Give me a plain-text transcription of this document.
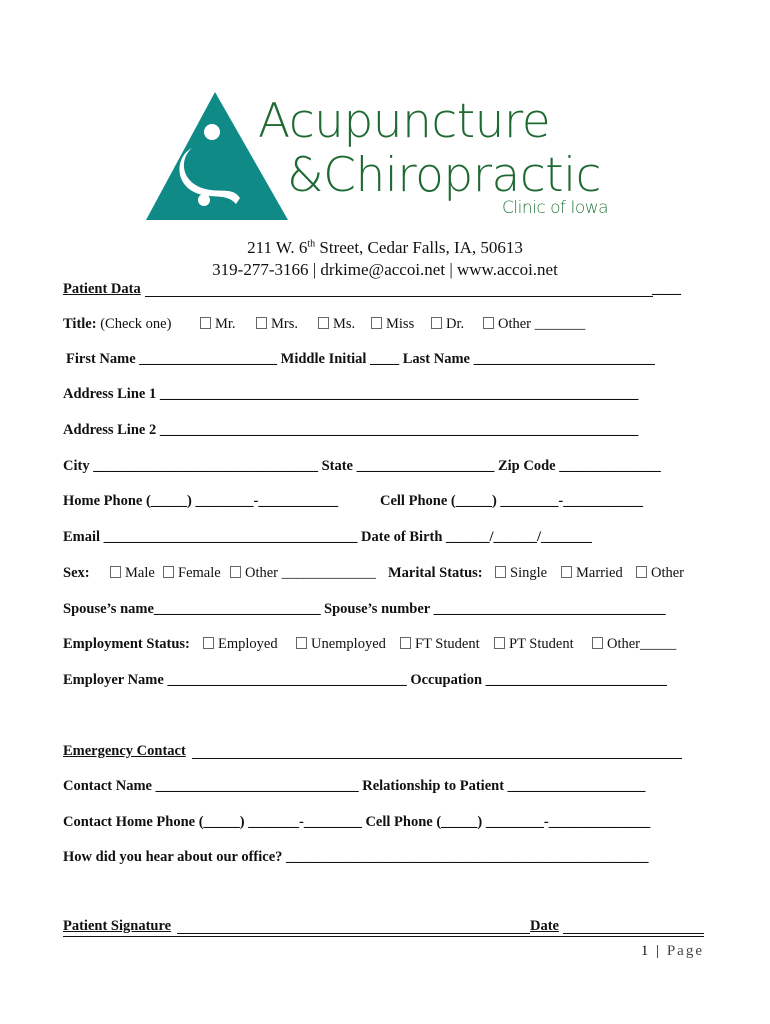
Acupuncture
&Chiropractic
Clinic of Iowa
211 W. 6th Street, Cedar Falls, IA, 50613
319-277-3166 | drkime@accoi.net | www.accoi.net
Patient Data	____
Title: (Check one)	Mr.	Mrs.	Ms.	Miss	Dr.	Other _______
First Name ___________________ Middle Initial ____ Last Name _________________________
Address Line 1 __________________________________________________________________
Address Line 2 __________________________________________________________________
City _______________________________ State ___________________ Zip Code ______________
Home Phone (_____) ________-___________	Cell Phone (_____) ________-___________
Email ___________________________________ Date of Birth ______/______/_______
Sex:	Male	Female	Other _____________ Marital Status:	Single	Married	Other
Spouse’s name_______________________ Spouse’s number ________________________________
Employment Status:	Employed	Unemployed	FT Student	PT Student	Other_____
Employer Name _________________________________ Occupation _________________________
Emergency Contact
Contact Name ____________________________ Relationship to Patient ___________________
Contact Home Phone (_____) _______-________ Cell Phone (_____) ________-______________
How did you hear about our office? __________________________________________________
Patient Signature	Date
1 | Page
